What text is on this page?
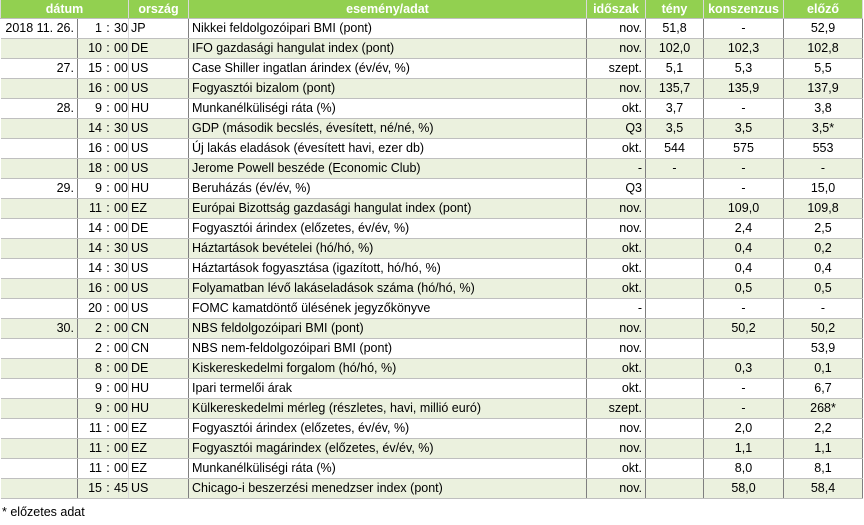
dátum		ország	esemény/adat	időszak	tény	konszenzus	előző
2018 11. 26.	1 : 30	JP	Nikkei feldolgozóipari BMI (pont)	nov.	51,8	-	52,9
	10 : 00	DE	IFO gazdasági hangulat index (pont)	nov.	102,0	102,3	102,8
27.	15 : 00	US	Case Shiller ingatlan árindex (év/év, %)	szept.	5,1	5,3	5,5
	16 : 00	US	Fogyasztói bizalom (pont)	nov.	135,7	135,9	137,9
28.	9 : 00	HU	Munkanélküliségi ráta (%)	okt.	3,7	-	3,8
	14 : 30	US	GDP (második becslés, évesített, né/né, %)	Q3	3,5	3,5	3,5*
	16 : 00	US	Új lakás eladások (évesített havi, ezer db)	okt.	544	575	553
	18 : 00	US	Jerome Powell beszéde (Economic Club)	-	-	-	-
29.	9 : 00	HU	Beruházás (év/év, %)	Q3		-	15,0
	11 : 00	EZ	Európai Bizottság gazdasági hangulat index (pont)	nov.		109,0	109,8
	14 : 00	DE	Fogyasztói árindex (előzetes, év/év, %)	nov.		2,4	2,5
	14 : 30	US	Háztartások bevételei (hó/hó, %)	okt.		0,4	0,2
	14 : 30	US	Háztartások fogyasztása (igazított, hó/hó, %)	okt.		0,4	0,4
	16 : 00	US	Folyamatban lévő lakáseladások száma (hó/hó, %)	okt.		0,5	0,5
	20 : 00	US	FOMC kamatdöntő ülésének jegyzőkönyve	-		-	-
30.	2 : 00	CN	NBS feldolgozóipari BMI (pont)	nov.		50,2	50,2
	2 : 00	CN	NBS nem-feldolgozóipari BMI (pont)	nov.			53,9
	8 : 00	DE	Kiskereskedelmi forgalom (hó/hó, %)	okt.		0,3	0,1
	9 : 00	HU	Ipari termelői árak	okt.		-	6,7
	9 : 00	HU	Külkereskedelmi mérleg (részletes, havi, millió euró)	szept.		-	268*
	11 : 00	EZ	Fogyasztói árindex (előzetes, év/év, %)	nov.		2,0	2,2
	11 : 00	EZ	Fogyasztói magárindex (előzetes, év/év, %)	nov.		1,1	1,1
	11 : 00	EZ	Munkanélküliségi ráta (%)	okt.		8,0	8,1
	15 : 45	US	Chicago-i beszerzési menedzser index (pont)	nov.		58,0	58,4
* előzetes adat
